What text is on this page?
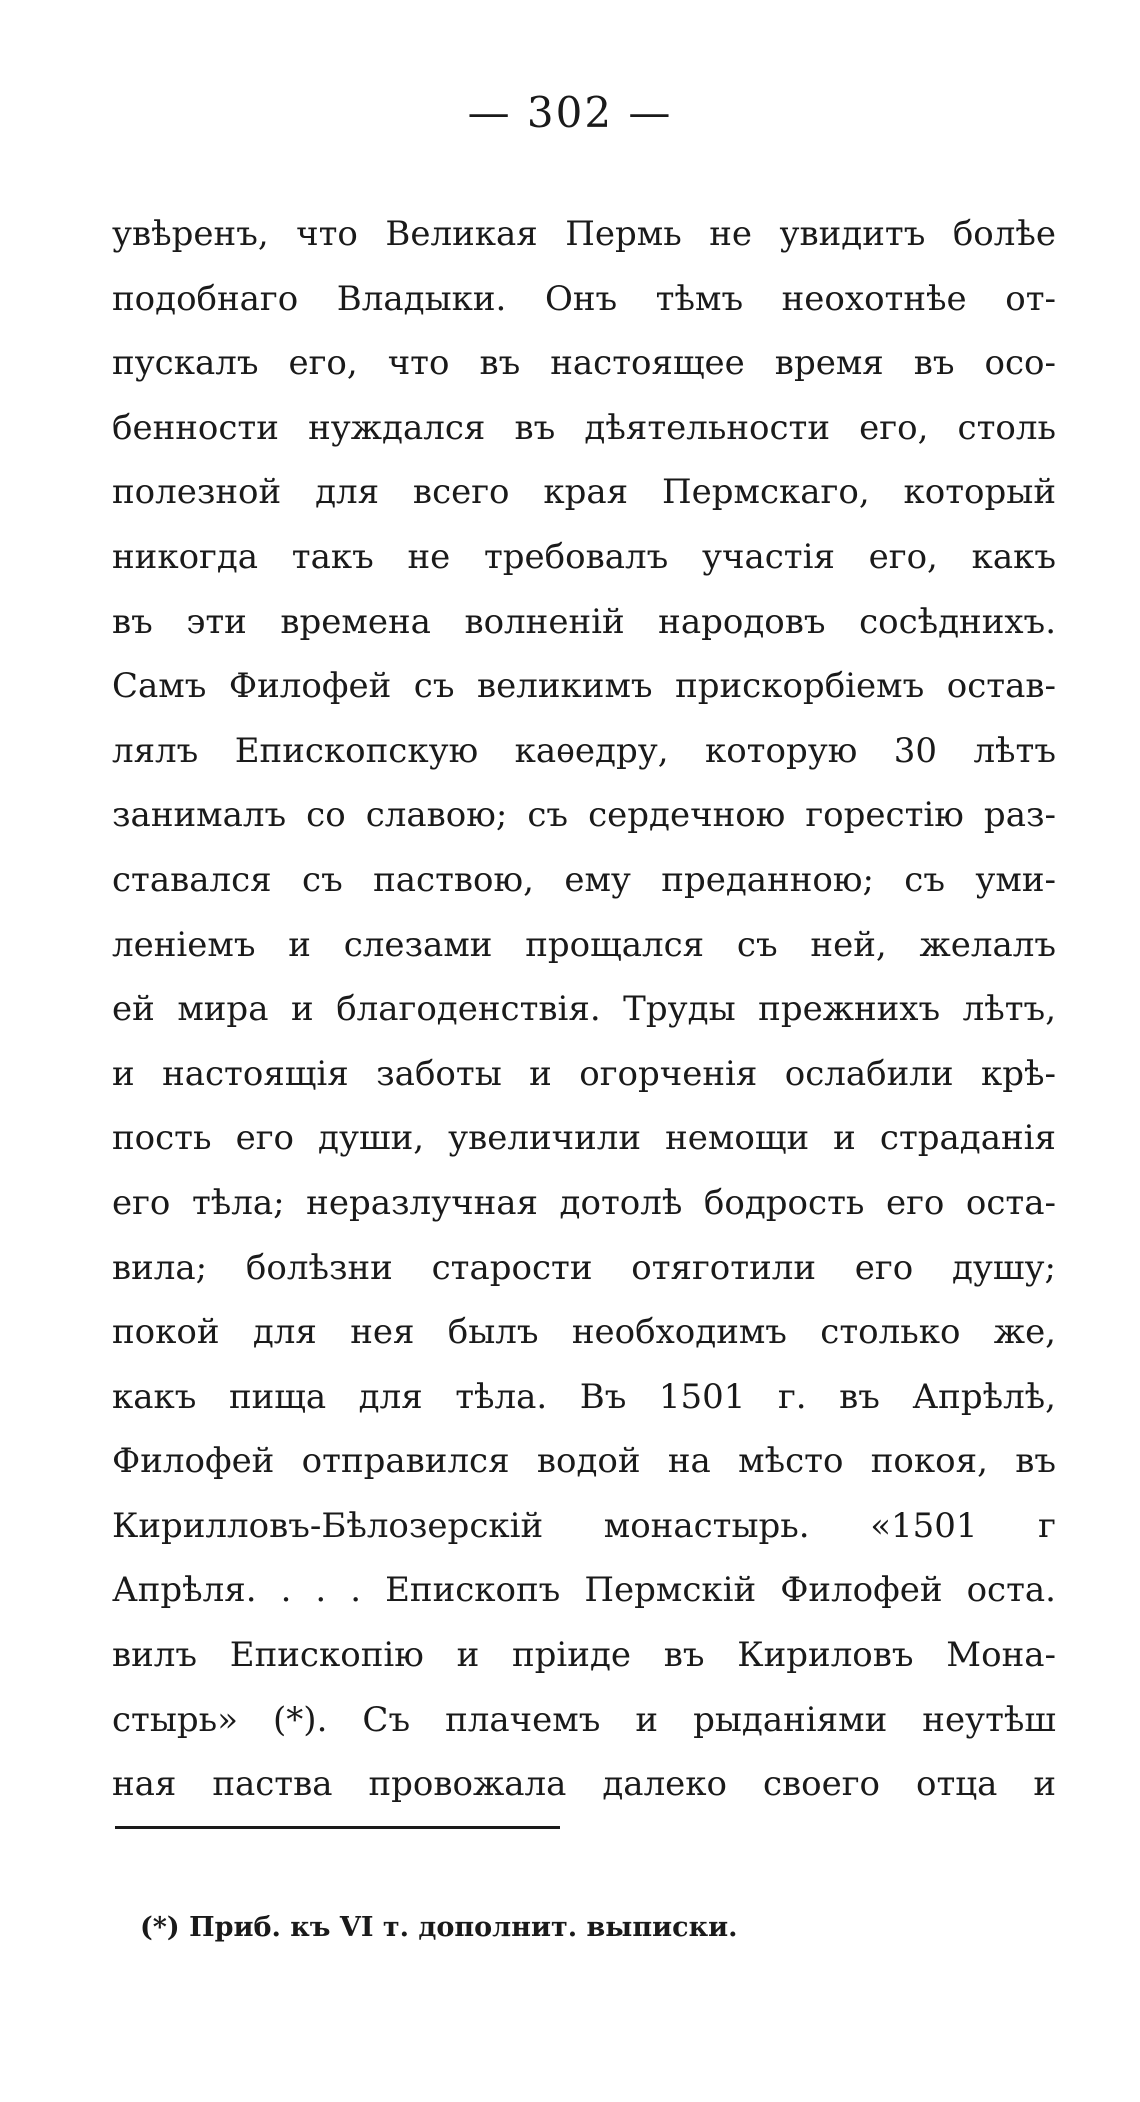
— 302 —
увѣренъ, что Великая Пермь не увидитъ болѣе
подобнаго Владыки. Онъ тѣмъ неохотнѣе от-
пускалъ его, что въ настоящее время въ осо-
бенности нуждался въ дѣятельности его, столь
полезной для всего края Пермскаго, который
никогда такъ не требовалъ участія его, какъ
въ эти времена волненій народовъ сосѣднихъ.
Самъ Филофей съ великимъ прискорбіемъ остав-
лялъ Епископскую каѳедру, которую 30 лѣтъ
занималъ со славою; съ сердечною горестію раз-
ставался съ паствою, ему преданною; съ уми-
леніемъ и слезами прощался съ ней, желалъ
ей мира и благоденствія. Труды прежнихъ лѣтъ,
и настоящія заботы и огорченія ослабили крѣ-
пость его души, увеличили немощи и страданія
его тѣла; неразлучная дотолѣ бодрость его оста-
вила; болѣзни старости отяготили его душу;
покой для нея былъ необходимъ столько же,
какъ пища для тѣла. Въ 1501 г. въ Апрѣлѣ,
Филофей отправился водой на мѣсто покоя, въ
Кирилловъ-Бѣлозерскій монастырь. «1501 г
Апрѣля. . . . Епископъ Пермскій Филофей оста.
вилъ Епископію и пріиде въ Кириловъ Мона-
стырь» (*). Съ плачемъ и рыданіями неутѣш
ная паства провожала далеко своего отца и
(*) Приб. къ VI т. дополнит. выписки.
